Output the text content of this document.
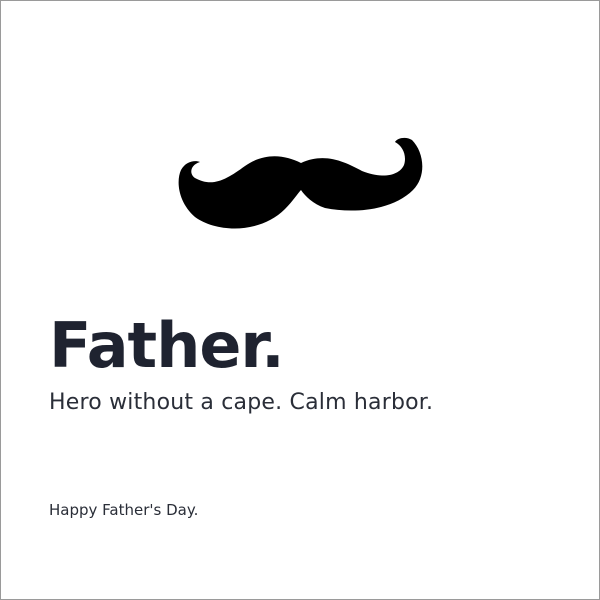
Father.

Hero without a cape. Calm harbor.

Happy Father's Day.
